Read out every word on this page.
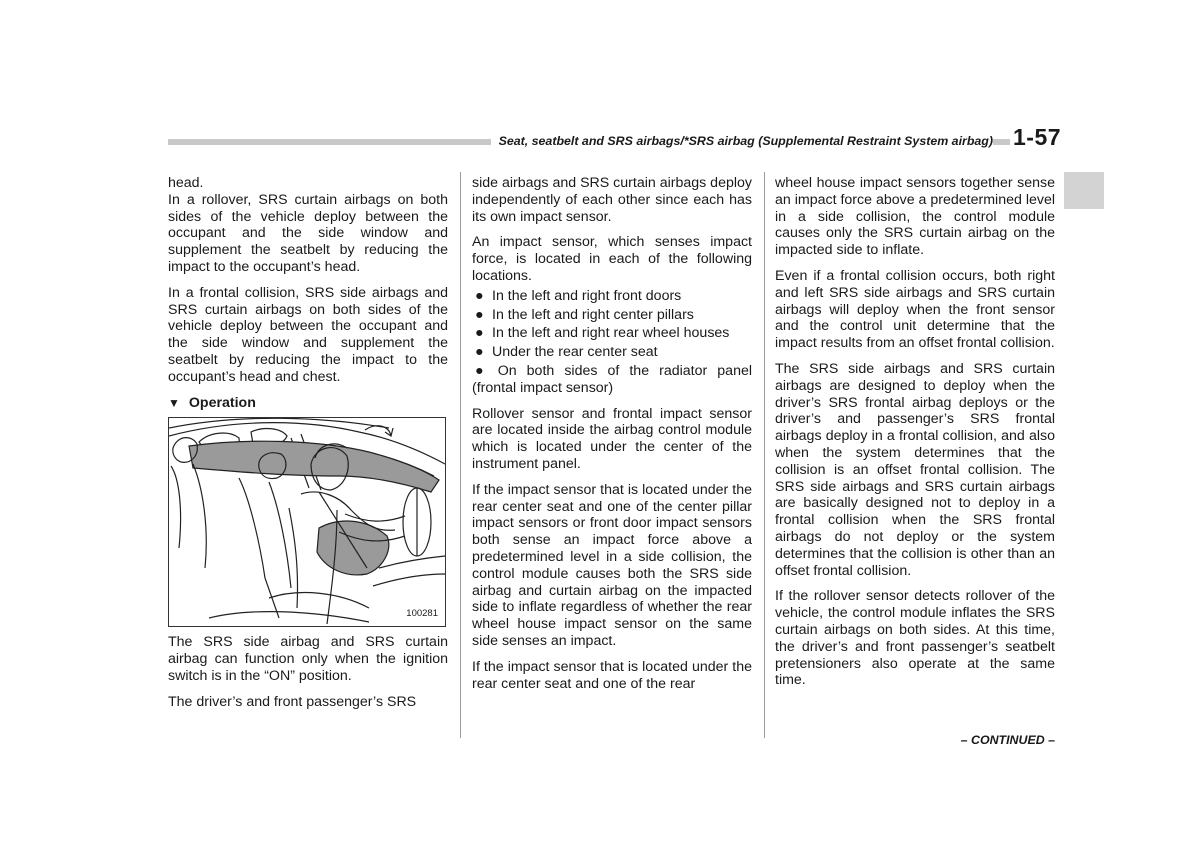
Seat, seatbelt and SRS airbags/*SRS airbag (Supplemental Restraint System airbag) 1-57

head.

In a rollover, SRS curtain airbags on both sides of the vehicle deploy between the occupant and the side window and supplement the seatbelt by reducing the impact to the occupant’s head.

In a frontal collision, SRS side airbags and SRS curtain airbags on both sides of the vehicle deploy between the occupant and the side window and supplement the seatbelt by reducing the impact to the occupant’s head and chest.

▼ Operation
100281

The SRS side airbag and SRS curtain airbag can function only when the ignition switch is in the “ON” position.

The driver’s and front passenger’s SRS

side airbags and SRS curtain airbags deploy independently of each other since each has its own impact sensor.

An impact sensor, which senses impact force, is located in each of the following locations.

● In the left and right front doors
● In the left and right center pillars
● In the left and right rear wheel houses
● Under the rear center seat
● On both sides of the radiator panel (frontal impact sensor)

Rollover sensor and frontal impact sensor are located inside the airbag control module which is located under the center of the instrument panel.

If the impact sensor that is located under the rear center seat and one of the center pillar impact sensors or front door impact sensors both sense an impact force above a predetermined level in a side collision, the control module causes both the SRS side airbag and curtain airbag on the impacted side to inflate regardless of whether the rear wheel house impact sensor on the same side senses an impact.

If the impact sensor that is located under the rear center seat and one of the rear

wheel house impact sensors together sense an impact force above a predetermined level in a side collision, the control module causes only the SRS curtain airbag on the impacted side to inflate.

Even if a frontal collision occurs, both right and left SRS side airbags and SRS curtain airbags will deploy when the front sensor and the control unit determine that the impact results from an offset frontal collision.

The SRS side airbags and SRS curtain airbags are designed to deploy when the driver’s SRS frontal airbag deploys or the driver’s and passenger’s SRS frontal airbags deploy in a frontal collision, and also when the system determines that the collision is an offset frontal collision. The SRS side airbags and SRS curtain airbags are basically designed not to deploy in a frontal collision when the SRS frontal airbags do not deploy or the system determines that the collision is other than an offset frontal collision.

If the rollover sensor detects rollover of the vehicle, the control module inflates the SRS curtain airbags on both sides. At this time, the driver’s and front passenger’s seatbelt pretensioners also operate at the same time.

– CONTINUED –
